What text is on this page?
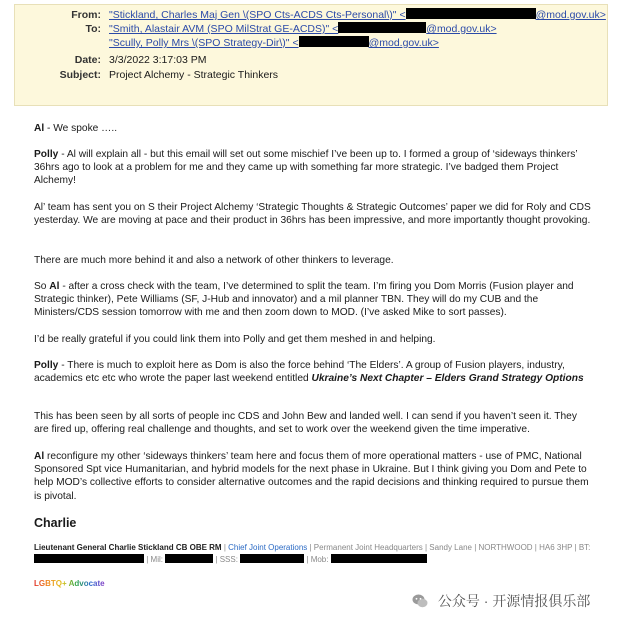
From: "Stickland, Charles Maj Gen \(SPO Cts-ACDS Cts-Personal\)" <	@mod.gov.uk>
To: "Smith, Alastair AVM (SPO MilStrat GE-ACDS)" <	@mod.gov.uk>
"Scully, Polly Mrs \(SPO Strategy-Dir\)" <	@mod.gov.uk>
Date: 3/3/2022 3:17:03 PM
Subject: Project Alchemy - Strategic Thinkers

Al - We spoke …..

Polly - Al will explain all - but this email will set out some mischief I’ve been up to. I formed a group of ‘sideways thinkers’ 36hrs ago to look at a problem for me and they came up with something far more strategic. I’ve badged them Project Alchemy!

Al’ team has sent you on S their Project Alchemy ‘Strategic Thoughts & Strategic Outcomes’ paper we did for Roly and CDS yesterday. We are moving at pace and their product in 36hrs has been impressive, and more importantly thought provoking.

There are much more behind it and also a network of other thinkers to leverage.

So Al - after a cross check with the team, I’ve determined to split the team. I’m firing you Dom Morris (Fusion player and Strategic thinker), Pete Williams (SF, J-Hub and innovator) and a mil planner TBN. They will do my CUB and the Ministers/CDS session tomorrow with me and then zoom down to MOD. (I’ve asked Mike to sort passes).

I’d be really grateful if you could link them into Polly and get them meshed in and helping.

Polly - There is much to exploit here as Dom is also the force behind ‘The Elders’. A group of Fusion players, industry, academics etc etc who wrote the paper last weekend entitled Ukraine’s Next Chapter – Elders Grand Strategy Options

This has been seen by all sorts of people inc CDS and John Bew and landed well. I can send if you haven’t seen it. They are fired up, offering real challenge and thoughts, and set to work over the weekend given the time imperative.

Al reconfigure my other ‘sideways thinkers’ team here and focus them of more operational matters - use of PMC, National Sponsored Spt vice Humanitarian, and hybrid models for the next phase in Ukraine. But I think giving you Dom and Pete to help MOD’s collective efforts to consider alternative outcomes and the rapid decisions and thinking required to pursue them is pivotal.

Charlie
Lieutenant General Charlie Stickland CB OBE RM | Chief Joint Operations | Permanent Joint Headquarters | Sandy Lane | NORTHWOOD | HA6 3HP | BT:  | Mil:	| SSS:	| Mob:
LGBTQ+ Advocate
公众号 · 开源情报俱乐部
